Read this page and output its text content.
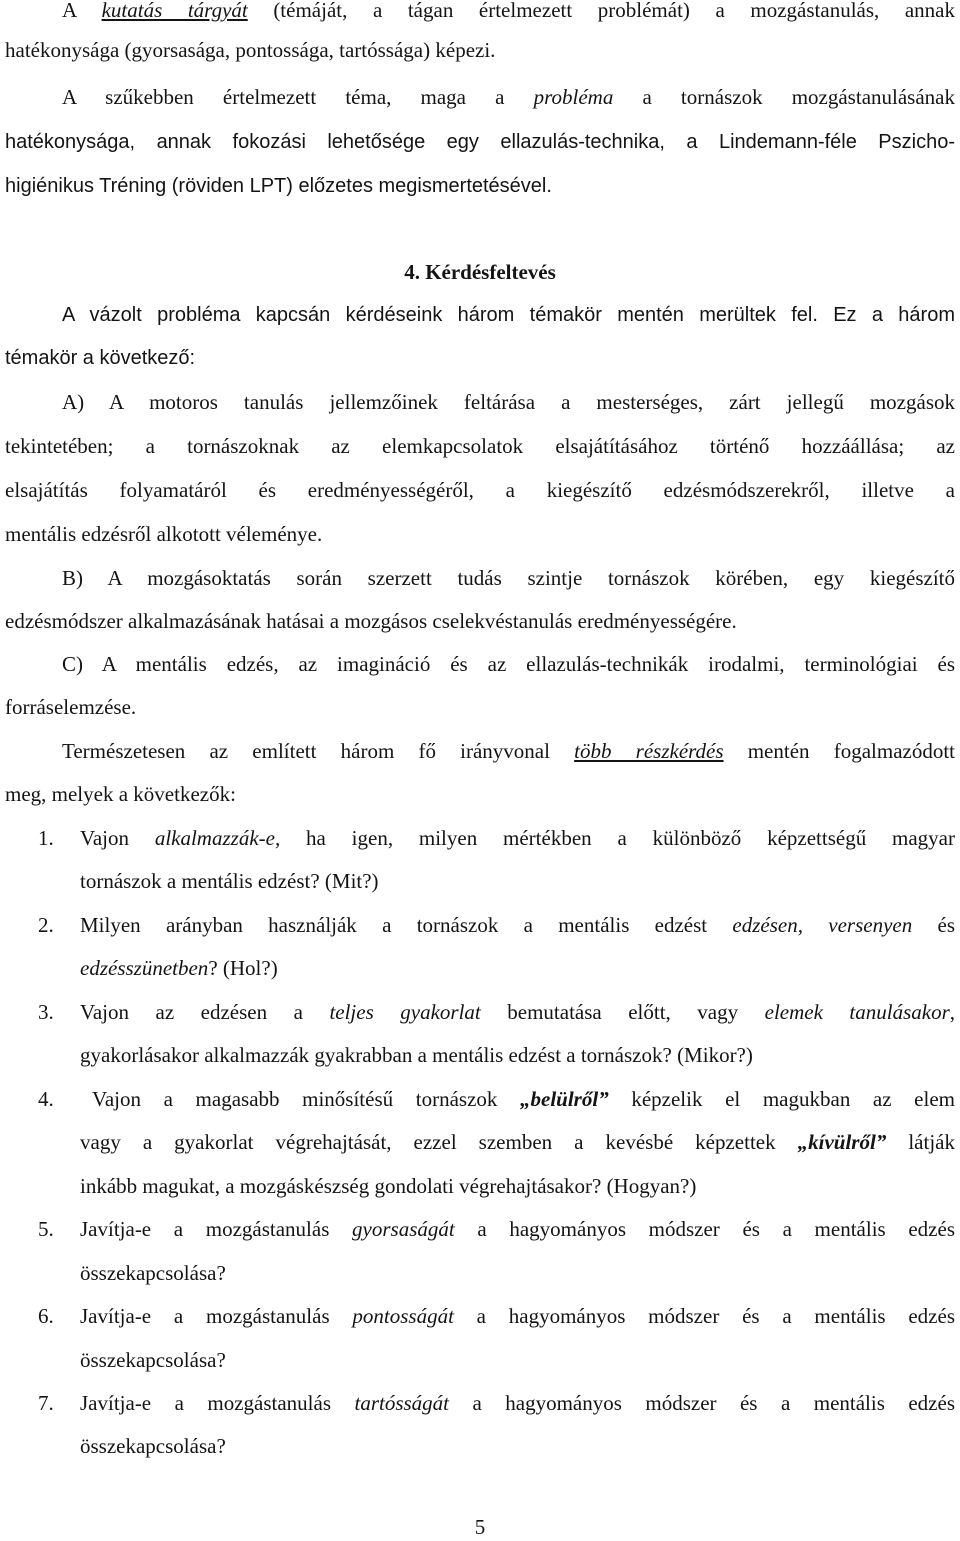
A kutatás tárgyát (témáját, a tágan értelmezett problémát) a mozgástanulás, annak
hatékonysága (gyorsasága, pontossága, tartóssága) képezi.
A szűkebben értelmezett téma, maga a probléma a tornászok mozgástanulásának
hatékonysága, annak fokozási lehetősége egy ellazulás-technika, a Lindemann-féle Pszicho-
higiénikus Tréning (röviden LPT) előzetes megismertetésével.
4. Kérdésfeltevés
A vázolt probléma kapcsán kérdéseink három témakör mentén merültek fel. Ez a három
témakör a következő:
A) A motoros tanulás jellemzőinek feltárása a mesterséges, zárt jellegű mozgások
tekintetében; a tornászoknak az elemkapcsolatok elsajátításához történő hozzáállása; az
elsajátítás folyamatáról és eredményességéről, a kiegészítő edzésmódszerekről, illetve a
mentális edzésről alkotott véleménye.
B) A mozgásoktatás során szerzett tudás szintje tornászok körében, egy kiegészítő
edzésmódszer alkalmazásának hatásai a mozgásos cselekvéstanulás eredményességére.
C) A mentális edzés, az imagináció és az ellazulás-technikák irodalmi, terminológiai és
forráselemzése.
Természetesen az említett három fő irányvonal több részkérdés mentén fogalmazódott
meg, melyek a következők:
1. Vajon alkalmazzák-e, ha igen, milyen mértékben a különböző képzettségű magyar
tornászok a mentális edzést? (Mit?)
2. Milyen arányban használják a tornászok a mentális edzést edzésen, versenyen és
edzésszünetben? (Hol?)
3. Vajon az edzésen a teljes gyakorlat bemutatása előtt, vagy elemek tanulásakor,
gyakorlásakor alkalmazzák gyakrabban a mentális edzést a tornászok? (Mikor?)
4. Vajon a magasabb minősítésű tornászok „belülről” képzelik el magukban az elem
vagy a gyakorlat végrehajtását, ezzel szemben a kevésbé képzettek „kívülről” látják
inkább magukat, a mozgáskészség gondolati végrehajtásakor? (Hogyan?)
5. Javítja-e a mozgástanulás gyorsaságát a hagyományos módszer és a mentális edzés
összekapcsolása?
6. Javítja-e a mozgástanulás pontosságát a hagyományos módszer és a mentális edzés
összekapcsolása?
7. Javítja-e a mozgástanulás tartósságát a hagyományos módszer és a mentális edzés
összekapcsolása?
5
